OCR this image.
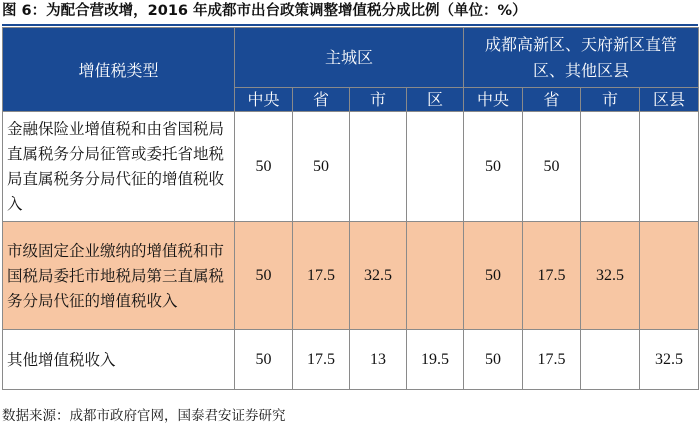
图 6：为配合营改增，2016 年成都市出台政策调整增值税分成比例（单位：%）
增值税类型	主城区				成都高新区、天府新区直管区、其他区县			
	中央	省	市	区	中央	省	市	区县
金融保险业增值税和由省国税局直属税务分局征管或委托省地税局直属税务分局代征的增值税收入	50	50			50	50		
市级固定企业缴纳的增值税和市国税局委托市地税局第三直属税务分局代征的增值税收入	50	17.5	32.5		50	17.5	32.5	
其他增值税收入	50	17.5	13	19.5	50	17.5		32.5
数据来源：成都市政府官网，国泰君安证券研究
